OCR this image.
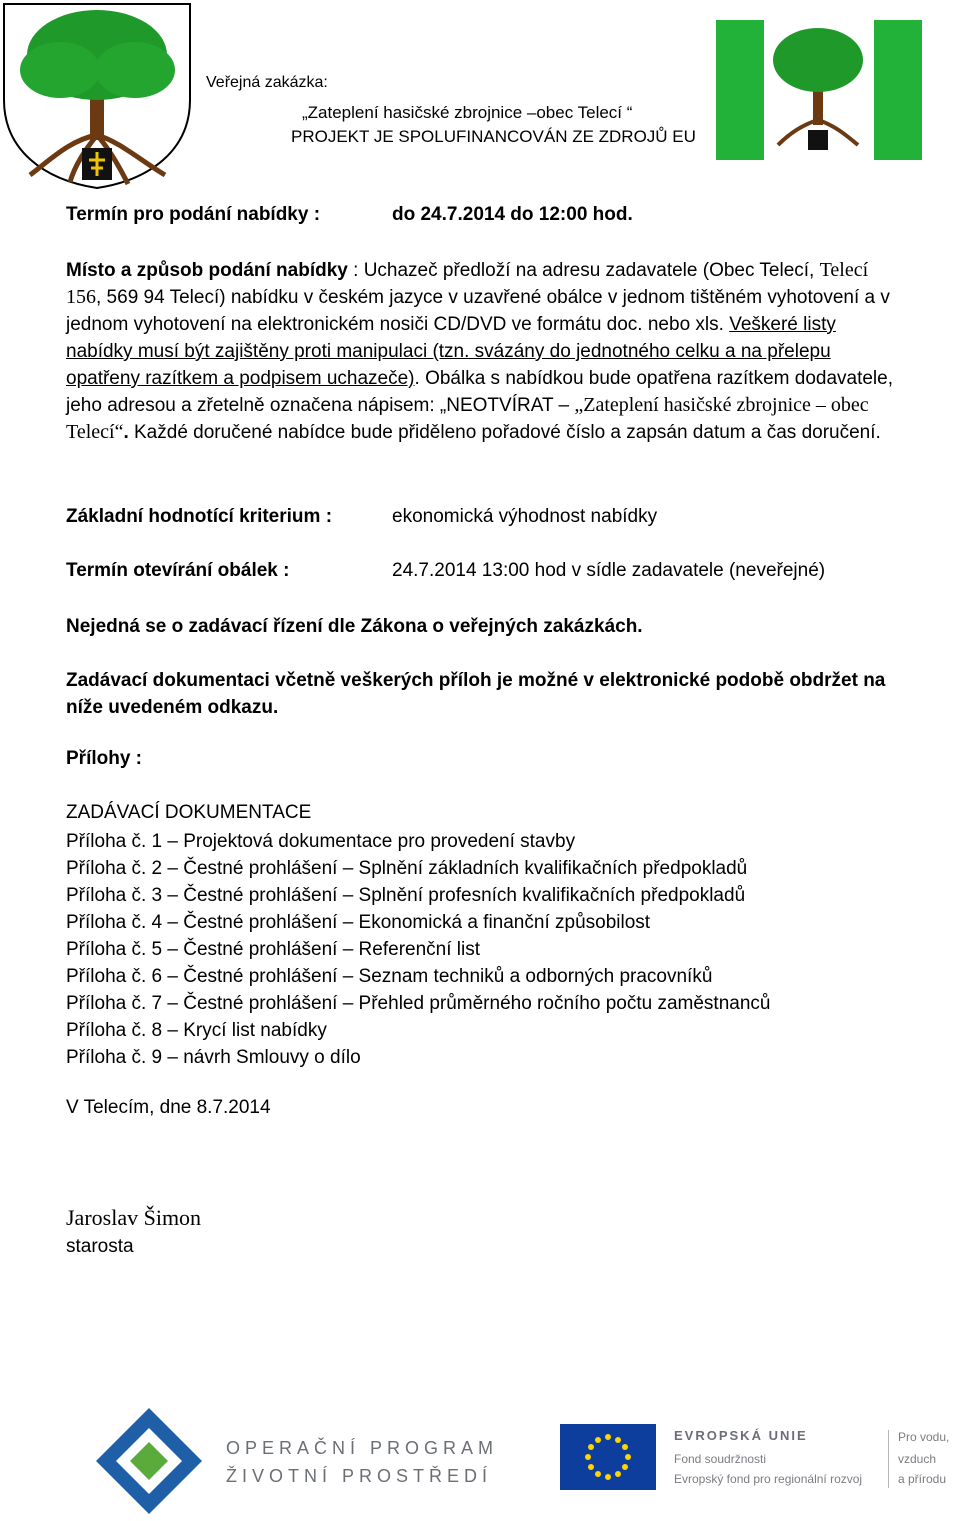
Veřejná zakázka:
„Zateplení hasičské zbrojnice –obec Telecí “
PROJEKT JE SPOLUFINANCOVÁN ZE ZDROJŮ EU
Termín pro podání nabídky :	do 24.7.2014 do 12:00 hod.

Místo a způsob podání nabídky : Uchazeč předloží na adresu zadavatele (Obec Telecí, Telecí 156, 569 94 Telecí) nabídku v českém jazyce v uzavřené obálce v jednom tištěném vyhotovení a v jednom vyhotovení na elektronickém nosiči CD/DVD ve formátu doc. nebo xls. Veškeré listy nabídky musí být zajištěny proti manipulaci (tzn. svázány do jednotného celku a na přelepu opatřeny razítkem a podpisem uchazeče). Obálka s nabídkou bude opatřena razítkem dodavatele, jeho adresou a zřetelně označena nápisem: „NEOTVÍRAT – „Zateplení hasičské zbrojnice – obec Telecí“. Každé doručené nabídce bude přiděleno pořadové číslo a zapsán datum a čas doručení.

Základní hodnotící kriterium :	ekonomická výhodnost nabídky
Termín otevírání obálek :	24.7.2014 13:00 hod v sídle zadavatele (neveřejné)
Nejedná se o zadávací řízení dle Zákona o veřejných zakázkách.
Zadávací dokumentaci včetně veškerých příloh je možné v elektronické podobě obdržet na níže uvedeném odkazu.
Přílohy :
ZADÁVACÍ DOKUMENTACE
Příloha č. 1 – Projektová dokumentace pro provedení stavby
Příloha č. 2 – Čestné prohlášení – Splnění základních kvalifikačních předpokladů
Příloha č. 3 – Čestné prohlášení – Splnění profesních kvalifikačních předpokladů
Příloha č. 4 – Čestné prohlášení – Ekonomická a finanční způsobilost
Příloha č. 5 – Čestné prohlášení – Referenční list
Příloha č. 6 – Čestné prohlášení – Seznam techniků a odborných pracovníků
Příloha č. 7 – Čestné prohlášení – Přehled průměrného ročního počtu zaměstnanců
Příloha č. 8 – Krycí list nabídky
Příloha č. 9 – návrh Smlouvy o dílo
V Telecím, dne 8.7.2014
Jaroslav Šimon
starosta
OPERAČNÍ PROGRAM
ŽIVOTNÍ PROSTŘEDÍ
EVROPSKÁ UNIE
Fond soudržnosti
Evropský fond pro regionální rozvoj
Pro vodu,
vzduch
a přírodu
